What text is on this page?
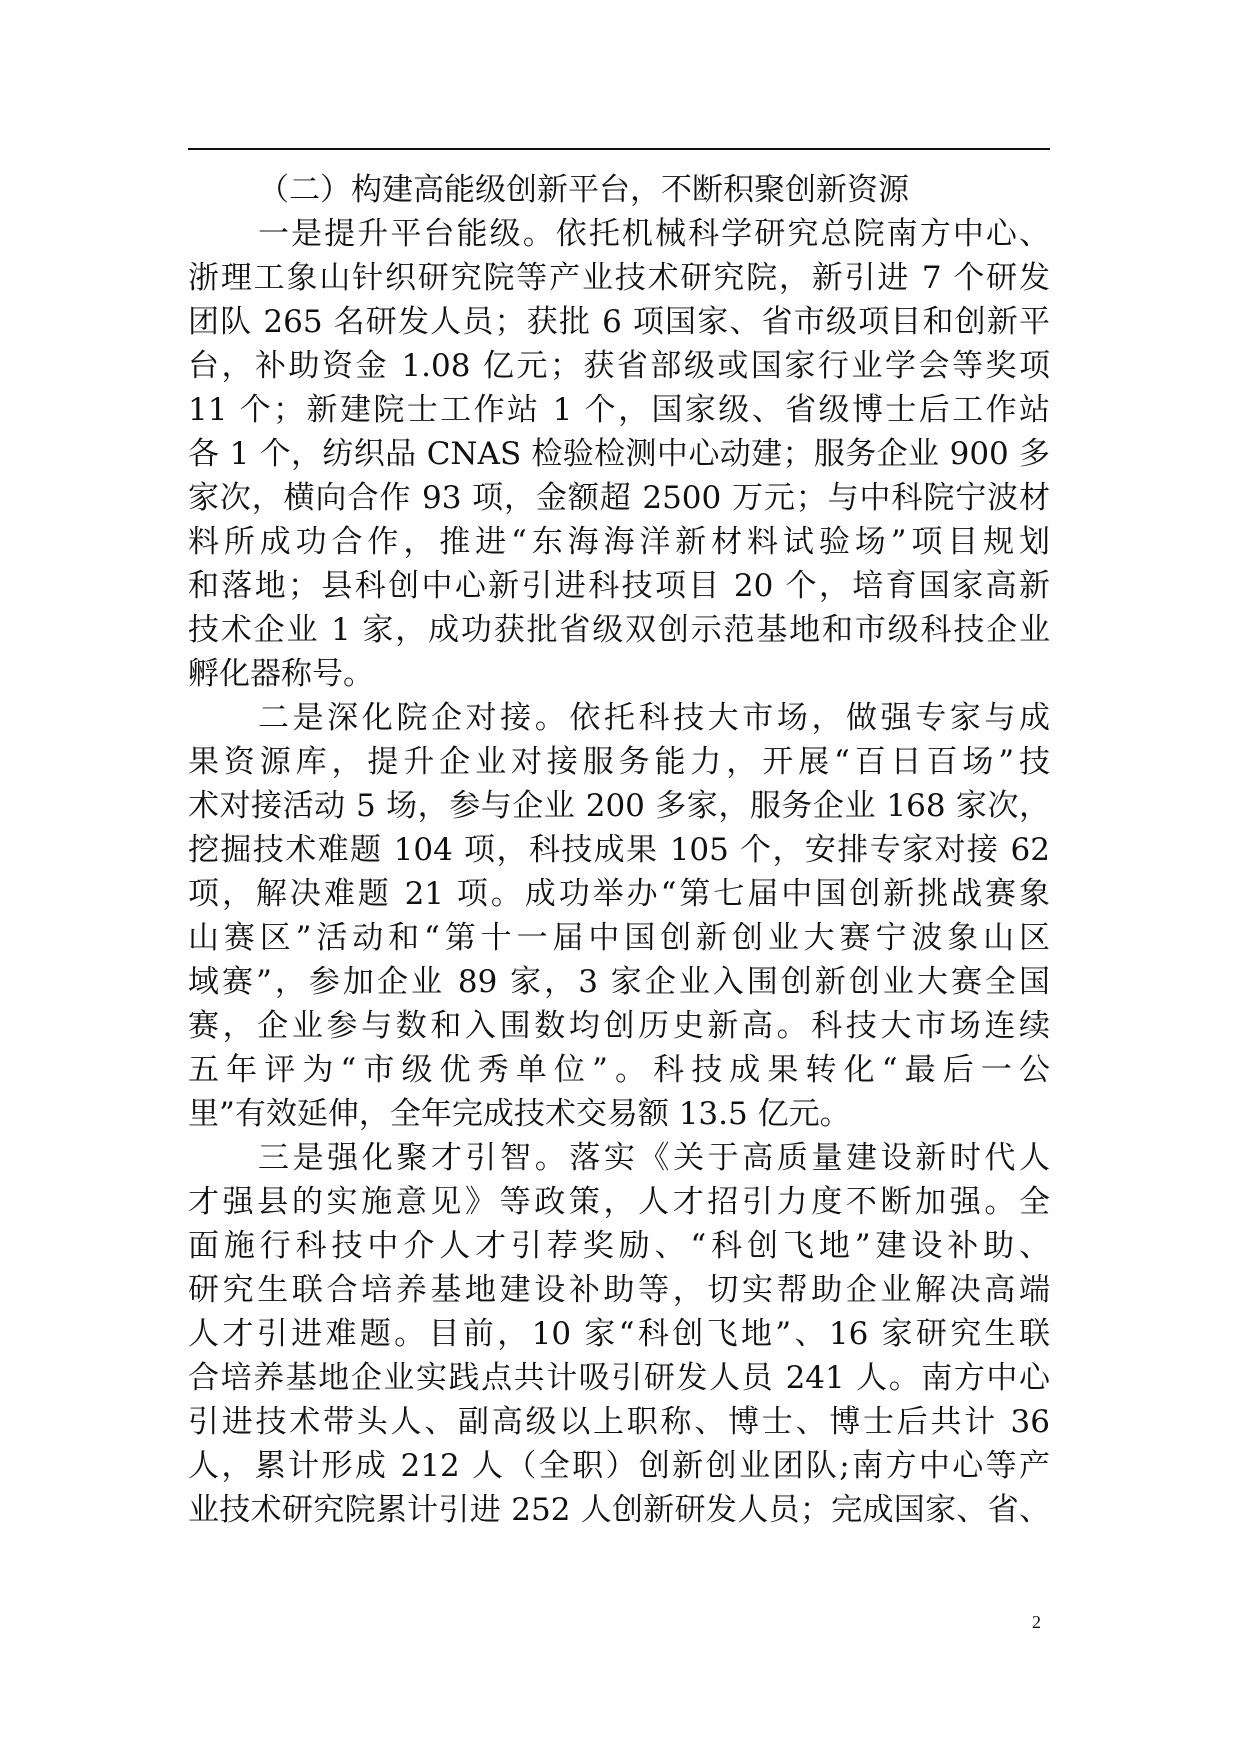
（二）构建高能级创新平台，不断积聚创新资源

一是提升平台能级。依托机械科学研究总院南方中心、
浙理工象山针织研究院等产业技术研究院，新引进 7 个研发
团队 265 名研发人员；获批 6 项国家、省市级项目和创新平
台，补助资金 1.08 亿元；获省部级或国家行业学会等奖项
11 个；新建院士工作站 1 个，国家级、省级博士后工作站
各 1 个，纺织品 CNAS 检验检测中心动建；服务企业 900 多
家次，横向合作 93 项，金额超 2500 万元；与中科院宁波材
料所成功合作，推进“东海海洋新材料试验场”项目规划
和落地；县科创中心新引进科技项目 20 个，培育国家高新
技术企业 1 家，成功获批省级双创示范基地和市级科技企业
孵化器称号。

二是深化院企对接。依托科技大市场，做强专家与成
果资源库，提升企业对接服务能力，开展“百日百场”技
术对接活动 5 场，参与企业 200 多家，服务企业 168 家次，
挖掘技术难题 104 项，科技成果 105 个，安排专家对接 62
项，解决难题 21 项。成功举办“第七届中国创新挑战赛象
山赛区”活动和“第十一届中国创新创业大赛宁波象山区
域赛”，参加企业 89 家，3 家企业入围创新创业大赛全国
赛，企业参与数和入围数均创历史新高。科技大市场连续
五年评为“市级优秀单位”。科技成果转化“最后一公
里”有效延伸，全年完成技术交易额 13.5 亿元。

三是强化聚才引智。落实《关于高质量建设新时代人
才强县的实施意见》等政策，人才招引力度不断加强。全
面施行科技中介人才引荐奖励、“科创飞地”建设补助、
研究生联合培养基地建设补助等，切实帮助企业解决高端
人才引进难题。目前，10 家“科创飞地”、16 家研究生联
合培养基地企业实践点共计吸引研发人员 241 人。南方中心
引进技术带头人、副高级以上职称、博士、博士后共计 36
人，累计形成 212 人（全职）创新创业团队;南方中心等产
业技术研究院累计引进 252 人创新研发人员；完成国家、省、

2
